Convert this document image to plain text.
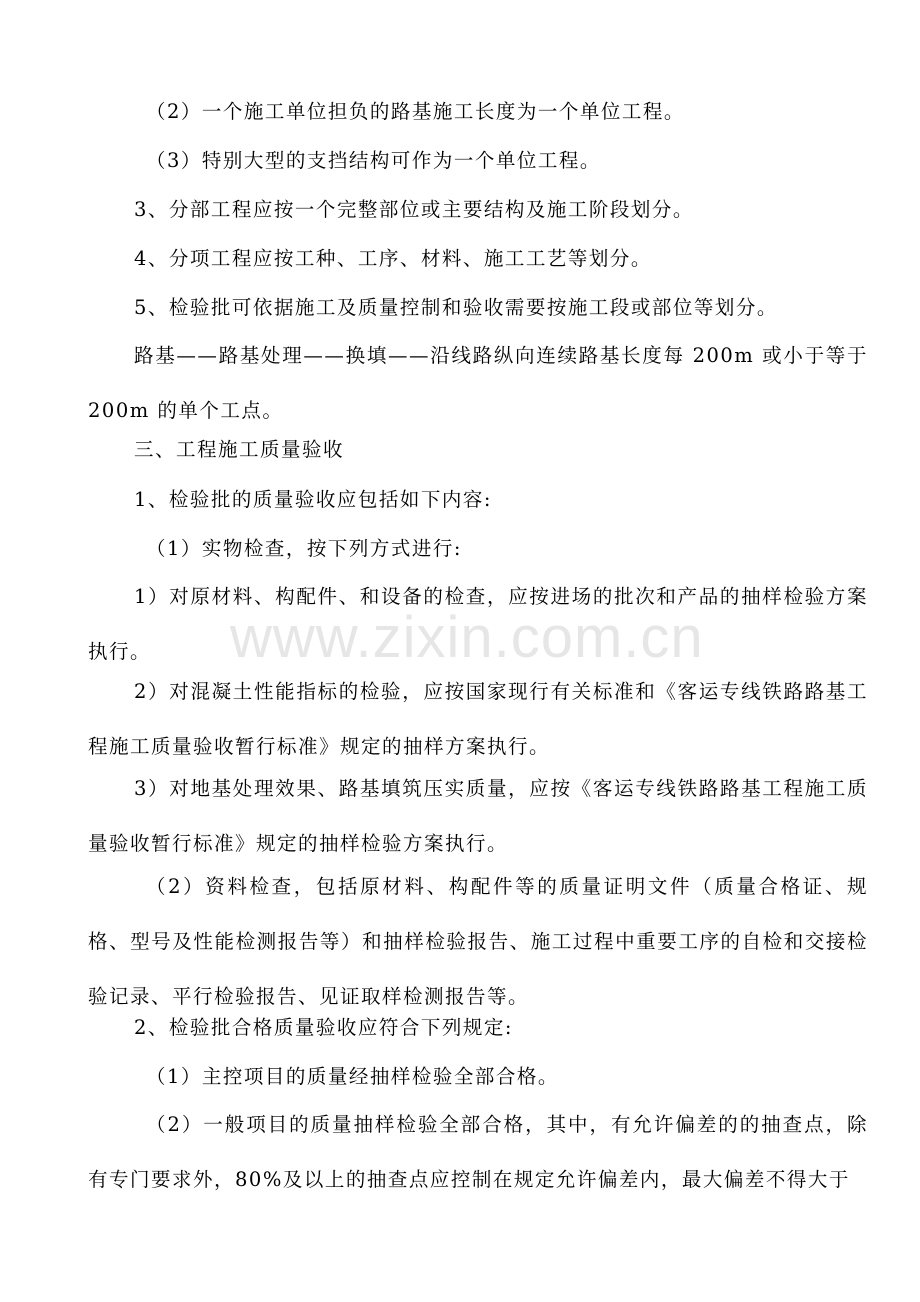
（2）一个施工单位担负的路基施工长度为一个单位工程。

（3）特别大型的支挡结构可作为一个单位工程。

3、分部工程应按一个完整部位或主要结构及施工阶段划分。

4、分项工程应按工种、工序、材料、施工工艺等划分。

5、检验批可依据施工及质量控制和验收需要按施工段或部位等划分。

路基——路基处理——换填——沿线路纵向连续路基长度每 200m 或小于等于 200m 的单个工点。

三、工程施工质量验收

1、检验批的质量验收应包括如下内容:

（1）实物检查，按下列方式进行:

1）对原材料、构配件、和设备的检查，应按进场的批次和产品的抽样检验方案执行。

2）对混凝土性能指标的检验，应按国家现行有关标准和《客运专线铁路路基工程施工质量验收暂行标准》规定的抽样方案执行。

3）对地基处理效果、路基填筑压实质量，应按《客运专线铁路路基工程施工质量验收暂行标准》规定的抽样检验方案执行。

（2）资料检查，包括原材料、构配件等的质量证明文件（质量合格证、规格、型号及性能检测报告等）和抽样检验报告、施工过程中重要工序的自检和交接检验记录、平行检验报告、见证取样检测报告等。

2、检验批合格质量验收应符合下列规定:

（1）主控项目的质量经抽样检验全部合格。

（2）一般项目的质量抽样检验全部合格，其中，有允许偏差的的抽查点，除有专门要求外，80%及以上的抽查点应控制在规定允许偏差内，最大偏差不得大于

www.zixin.com.cn
